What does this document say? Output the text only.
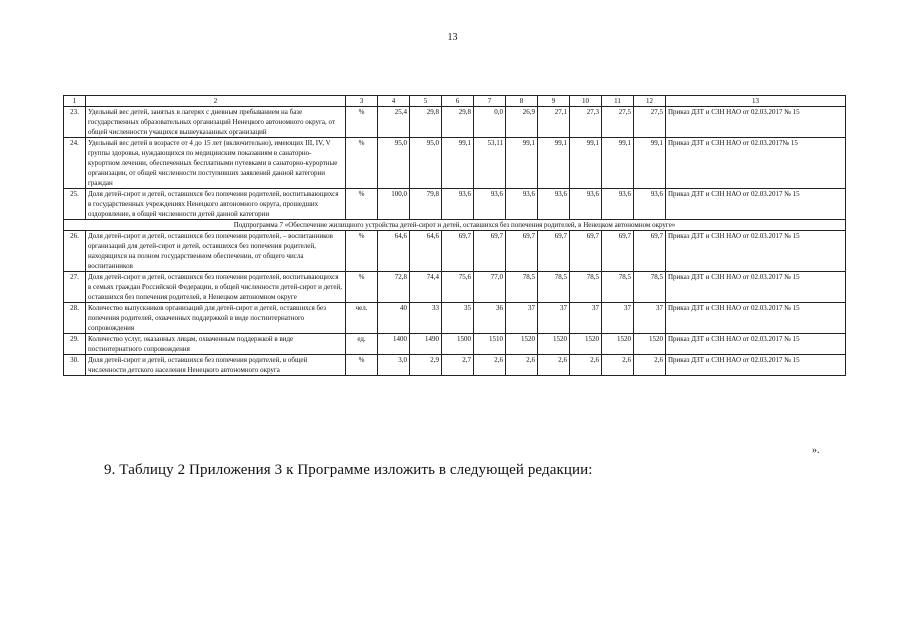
13
1	2	3	4	5	6	7	8	9	10	11	12	13
23.	Удельный вес детей, занятых в лагерях с дневным пребыванием на базе государственных образовательных организаций Ненецкого автономного округа, от общей численности учащихся вышеуказанных организаций	%	25,4	29,8	29,8	0,0	26,9	27,1	27,3	27,5	27,5	Приказ ДЗТ и СЗН НАО от 02.03.2017 № 15
24.	Удельный вес детей в возрасте от 4 до 15 лет (включительно), имеющих III, IV, V группы здоровья, нуждающихся по медицинским показаниям в санаторно-курортном лечении, обеспеченных бесплатными путевками в санаторно-курортные организации, от общей численности поступивших заявлений данной категории граждан	%	95,0	95,0	99,1	53,11	99,1	99,1	99,1	99,1	99,1	Приказ ДЗТ и СЗН НАО от 02.03.2017№ 15
25.	Доля детей-сирот и детей, оставшихся без попечения родителей, воспитывающихся в государственных учреждениях Ненецкого автономного округа, прошедших оздоровление, в общей численности детей данной категории	%	100,0	79,8	93,6	93,6	93,6	93,6	93,6	93,6	93,6	Приказ ДЗТ и СЗН НАО от 02.03.2017 № 15
Подпрограмма 7 «Обеспечение жилищного устройства детей-сирот и детей, оставшихся без попечения родителей, в Ненецком автономном округе»												
26.	Доля детей-сирот и детей, оставшихся без попечения родителей, – воспитанников организаций для детей-сирот и детей, оставшихся без попечения родителей, находящихся на полном государственном обеспечении, от общего числа воспитанников	%	64,6	64,6	69,7	69,7	69,7	69,7	69,7	69,7	69,7	Приказ ДЗТ и СЗН НАО от 02.03.2017 № 15
27.	Доля детей-сирот и детей, оставшихся без попечения родителей, воспитывающихся в семьях граждан Российской Федерации, в общей численности детей-сирот и детей, оставшихся без попечения родителей, в Ненецком автономном округе	%	72,8	74,4	75,6	77,0	78,5	78,5	78,5	78,5	78,5	Приказ ДЗТ и СЗН НАО от 02.03.2017 № 15
28.	Количество выпускников организаций для детей-сирот и детей, оставшихся без попечения родителей, охваченных поддержкой в виде постинтернатного сопровождения	чел.	40	33	35	36	37	37	37	37	37	Приказ ДЗТ и СЗН НАО от 02.03.2017 № 15
29.	Количество услуг, оказанных лицам, охваченным поддержкой в виде постинтернатного сопровождения	ед.	1400	1490	1500	1510	1520	1520	1520	1520	1520	Приказ ДЗТ и СЗН НАО от 02.03.2017 № 15
30.	Доля детей-сирот и детей, оставшихся без попечения родителей, в общей численности детского населения Ненецкого автономного округа	%	3,0	2,9	2,7	2,6	2,6	2,6	2,6	2,6	2,6	Приказ ДЗТ и СЗН НАО от 02.03.2017 № 15
».
9. Таблицу 2 Приложения 3 к Программе изложить в следующей редакции:
